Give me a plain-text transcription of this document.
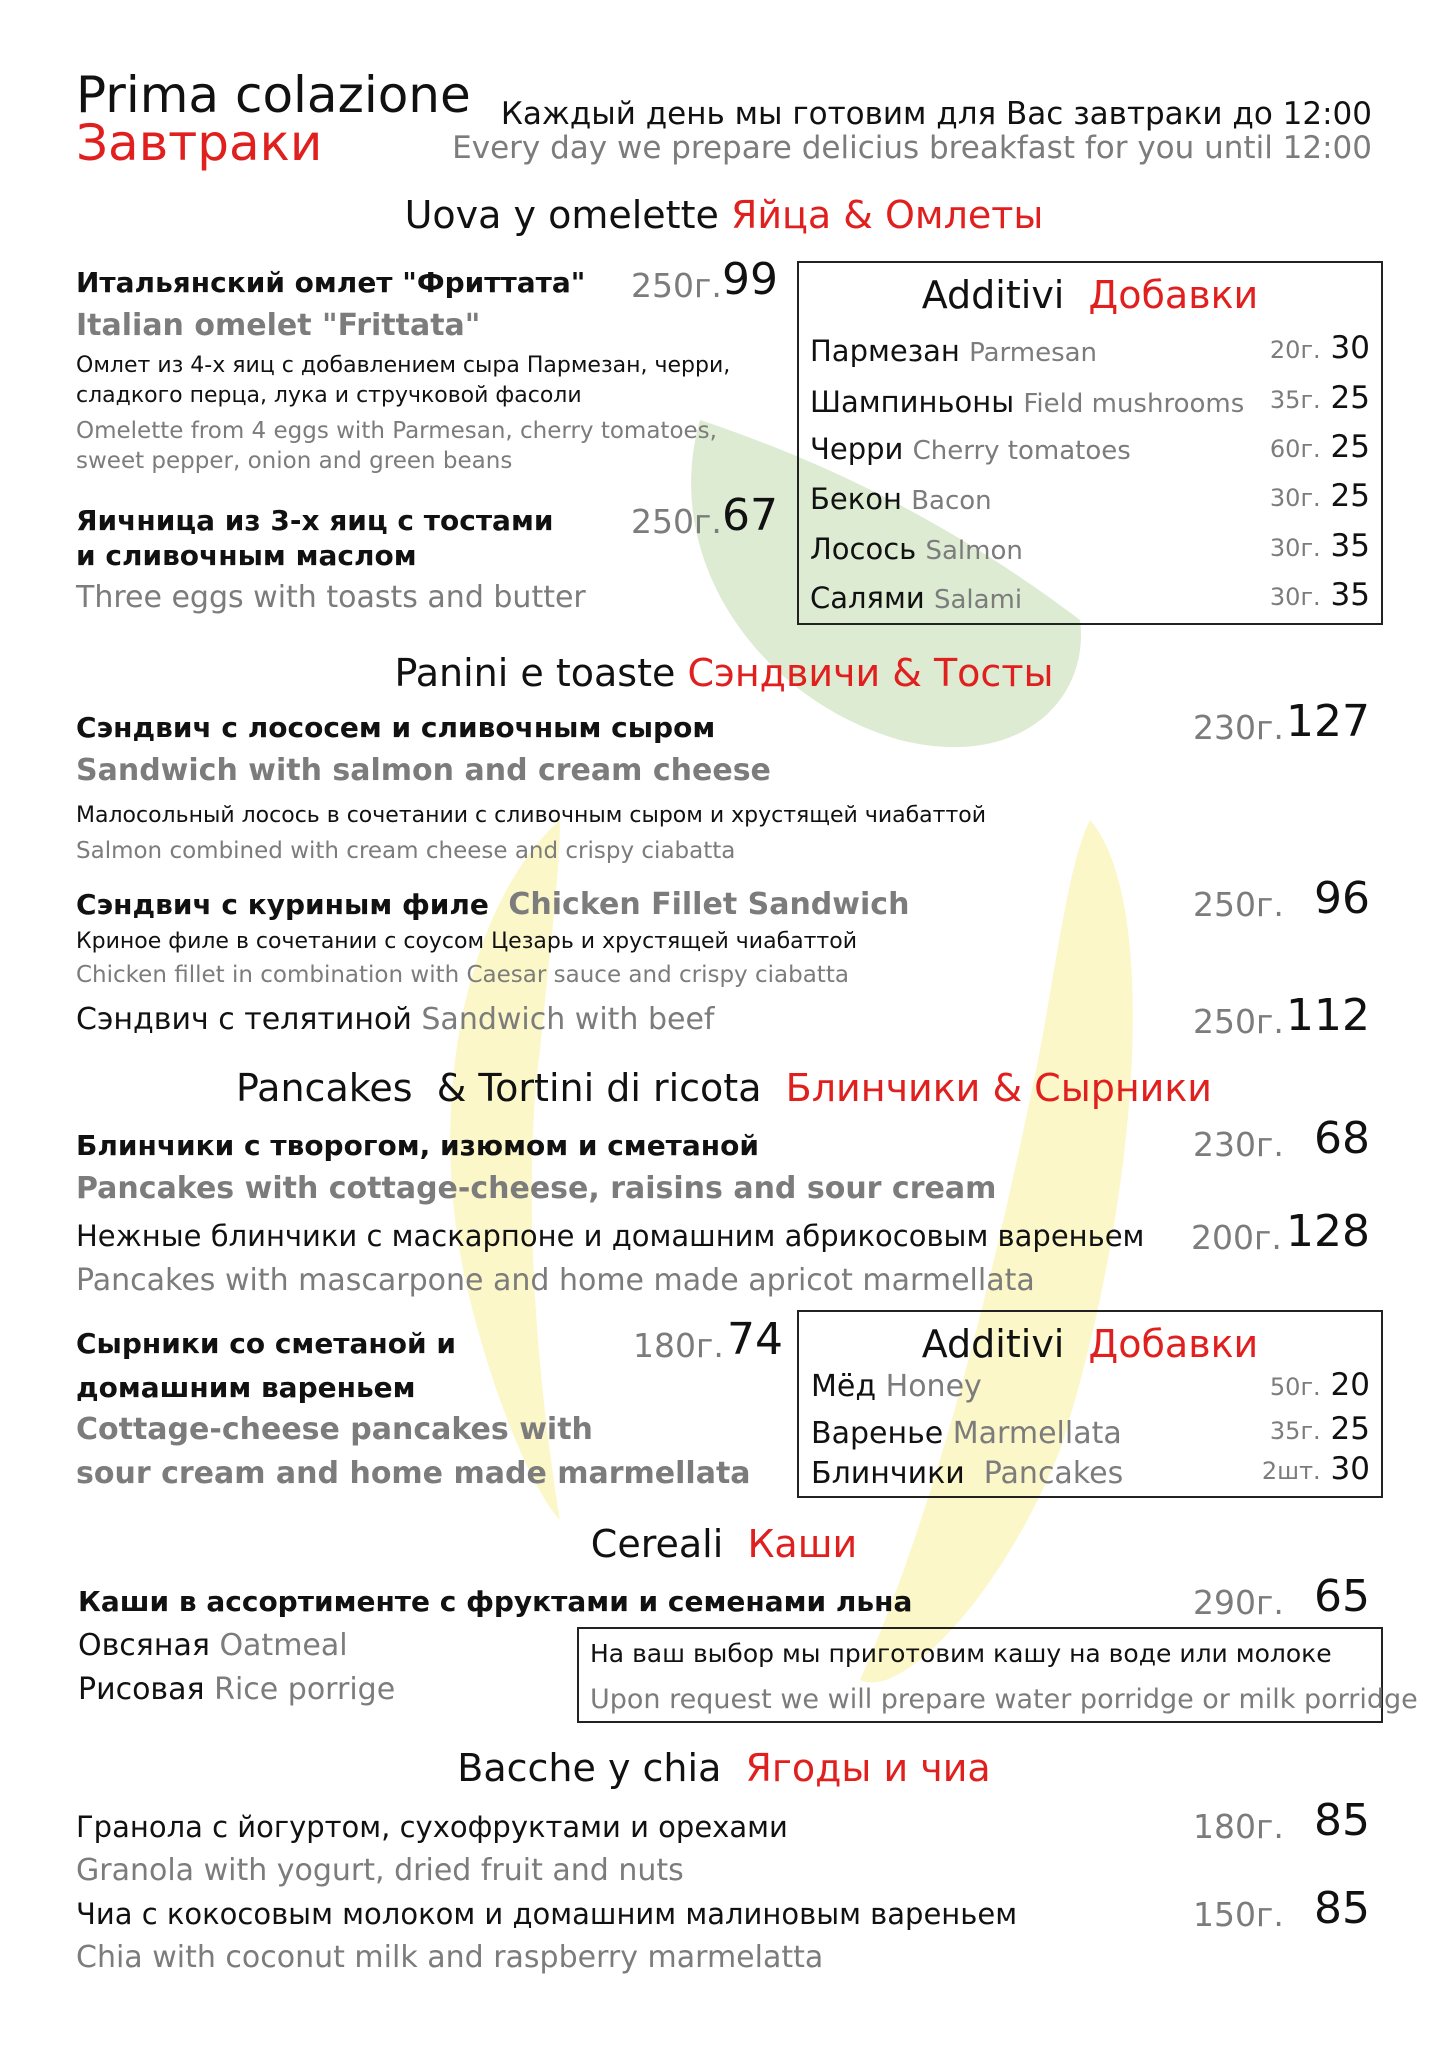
Prima colazione
Завтраки	Каждый день мы готовим для Вас завтраки до 12:00
Every day we prepare delicius breakfast for you until 12:00
Uova y omelette Яйца & Омлеты
Итальянский омлет "Фриттата" 250г. 99
Italian omelet "Frittata"
Омлет из 4-х яиц с добавлением сыра Пармезан, черри,
сладкого перца, лука и стручковой фасоли
Omelette from 4 eggs with Parmesan, cherry tomatoes,
sweet pepper, onion and green beans
Яичница из 3-х яиц с тостами
и сливочным маслом
250г. 67
Three eggs with toasts and butter
Additivi Добавки
Пармезан Parmesan	20г. 30
Шампиньоны Field mushrooms 35г. 25
Черри Cherry tomatoes	60г. 25
Бекон Bacon	30г. 25
Лосось Salmon	30г. 35
Салями Salami	30г. 35
Panini e toaste Сэндвичи & Тосты
Сэндвич с лососем и сливочным сыром	230г. 127
Sandwich with salmon and cream cheese
Малосольный лосось в сочетании с сливочным сыром и хрустящей чиабаттой
Salmon combined with cream cheese and crispy ciabatta
Сэндвич с куриным филе Chicken Fillet Sandwich	250г. 96
Криное филе в сочетании с соусом Цезарь и хрустящей чиабаттой
Chicken fillet in combination with Caesar sauce and crispy ciabatta
Сэндвич с телятиной Sandwich with beef	250г. 112
Pancakes  & Tortini di ricota Блинчики & Сырники
Блинчики с творогом, изюмом и сметаной	230г. 68
Pancakes with cottage-cheese, raisins and sour cream
Нежные блинчики с маскарпоне и домашним абрикосовым вареньем 200г. 128
Pancakes with mascarpone and home made apricot marmellata
Сырники со сметаной и
домашним вареньем
180г. 74
Cottage-cheese pancakes with
sour cream and home made marmellata
Additivi Добавки
Мёд Honey	50г. 20
Варенье Marmellata	35г. 25
Блинчики  Pancakes	2шт. 30
Cereali Каши
Каши в ассортименте с фруктами и семенами льна	290г. 65
Овсяная Oatmeal
Рисовая Rice porrige
На ваш выбор мы приготовим кашу на воде или молоке
Upon request we will prepare water porridge or milk porridge
Bacche y chia Ягоды и чиа
Гранола с йогуртом, сухофруктами и орехами	180г. 85
Granola with yogurt, dried fruit and nuts
Чиа с кокосовым молоком и домашним малиновым вареньем	150г. 85
Chia with coconut milk and raspberry marmelatta
